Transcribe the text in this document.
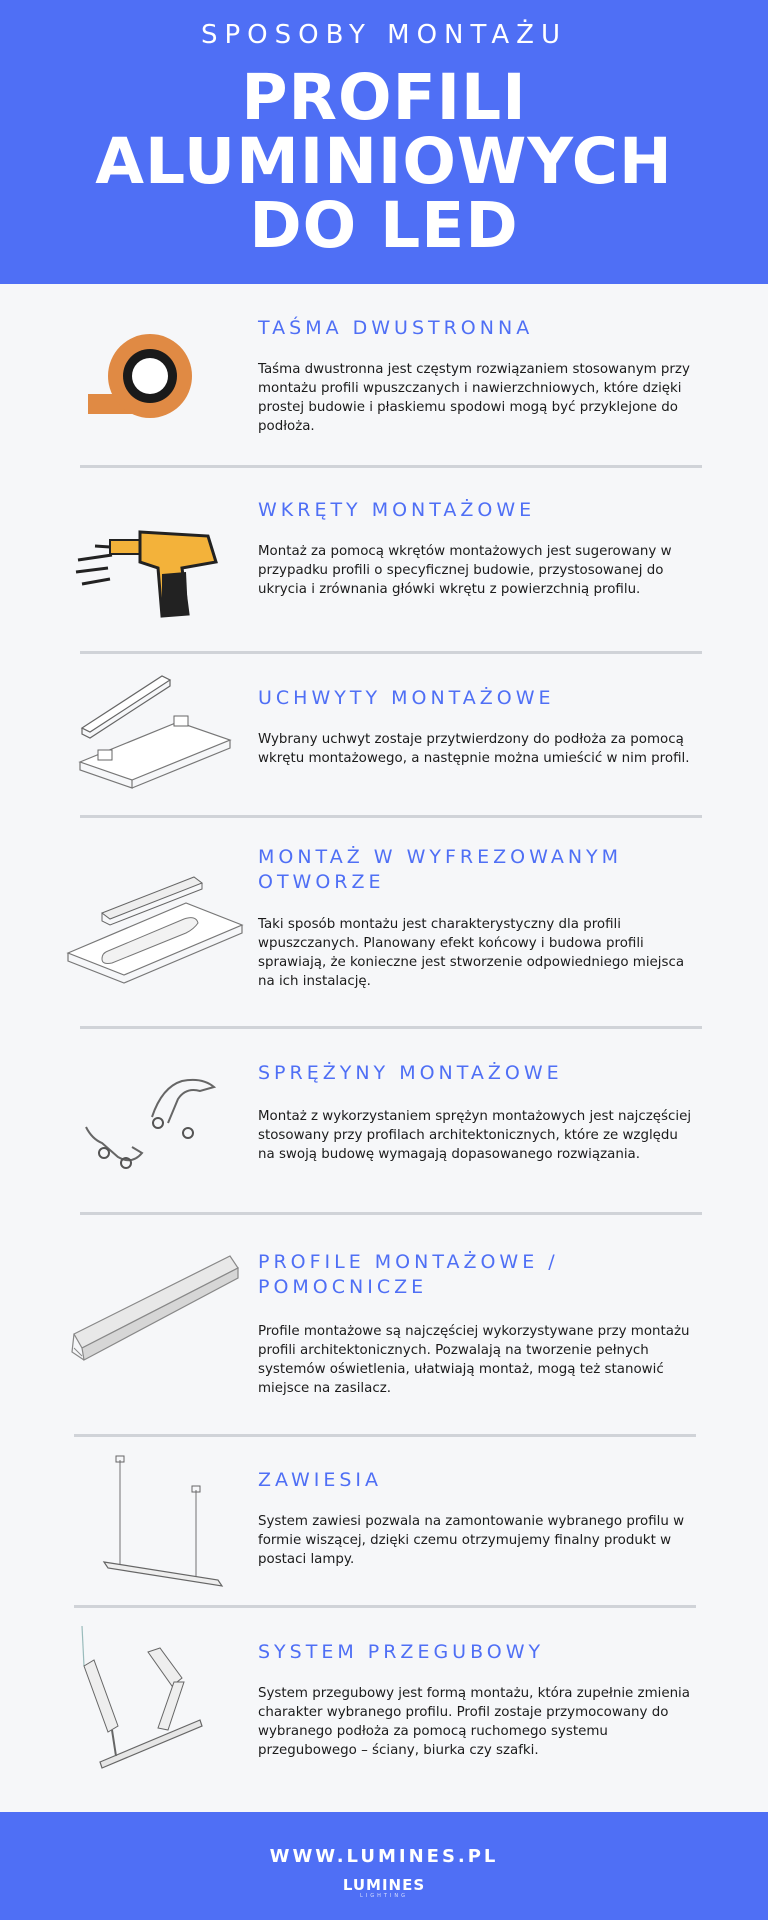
SPOSOBY MONTAŻU
PROFILI
ALUMINIOWYCH
DO LED
TAŚMA DWUSTRONNA

Taśma dwustronna jest częstym rozwiązaniem stosowanym przy montażu profili wpuszczanych i nawierzchniowych, które dzięki prostej budowie i płaskiemu spodowi mogą być przyklejone do podłoża.

WKRĘTY MONTAŻOWE

Montaż za pomocą wkrętów montażowych jest sugerowany w przypadku profili o specyficznej budowie, przystosowanej do ukrycia i zrównania główki wkrętu z powierzchnią profilu.

UCHWYTY MONTAŻOWE

Wybrany uchwyt zostaje przytwierdzony do podłoża za pomocą wkrętu montażowego, a następnie można umieścić w nim profil.

MONTAŻ W WYFREZOWANYM OTWORZE

Taki sposób montażu jest charakterystyczny dla profili wpuszczanych. Planowany efekt końcowy i budowa profili sprawiają, że konieczne jest stworzenie odpowiedniego miejsca na ich instalację.

SPRĘŻYNY MONTAŻOWE

Montaż z wykorzystaniem sprężyn montażowych jest najczęściej stosowany przy profilach architektonicznych, które ze względu na swoją budowę wymagają dopasowanego rozwiązania.

PROFILE MONTAŻOWE / POMOCNICZE

Profile montażowe są najczęściej wykorzystywane przy montażu profili architektonicznych. Pozwalają na tworzenie pełnych systemów oświetlenia, ułatwiają montaż, mogą też stanowić miejsce na zasilacz.

ZAWIESIA

System zawiesi pozwala na zamontowanie wybranego profilu w formie wiszącej, dzięki czemu otrzymujemy finalny produkt w postaci lampy.

SYSTEM PRZEGUBOWY

System przegubowy jest formą montażu, która zupełnie zmienia charakter wybranego profilu. Profil zostaje przymocowany do wybranego podłoża za pomocą ruchomego systemu przegubowego – ściany, biurka czy szafki.

WWW.LUMINES.PL
LUMINES
LIGHTING
